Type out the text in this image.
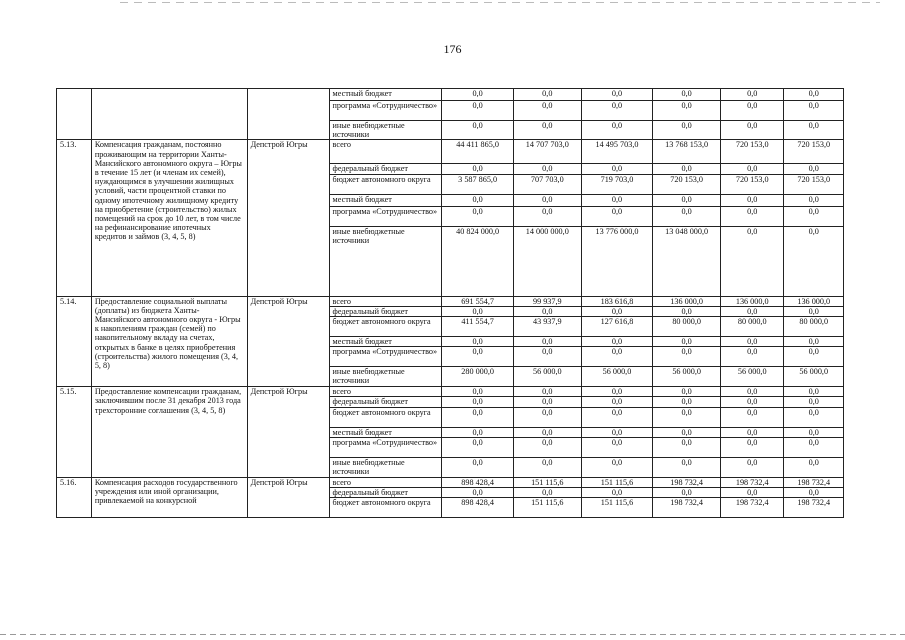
176
			местный бюджет	0,0	0,0	0,0	0,0	0,0	0,0
			программа «Сотрудничество»	0,0	0,0	0,0	0,0	0,0	0,0
			иные внебюджетные источники	0,0	0,0	0,0	0,0	0,0	0,0
5.13.	Компенсация гражданам, постоянно проживающим на территории Ханты-Мансийского автономного округа – Югры в течение 15 лет (и членам их семей), нуждающимся в улучшении жилищных условий, части процентной ставки по одному ипотечному жилищному кредиту на приобретение (строительство) жилых помещений на срок до 10 лет, в том числе на рефинансирование ипотечных кредитов и займов (3, 4, 5, 8)	Депстрой Югры	всего	44 411 865,0	14 707 703,0	14 495 703,0	13 768 153,0	720 153,0	720 153,0
			федеральный бюджет	0,0	0,0	0,0	0,0	0,0	0,0
			бюджет автономного округа	3 587 865,0	707 703,0	719 703,0	720 153,0	720 153,0	720 153,0
			местный бюджет	0,0	0,0	0,0	0,0	0,0	0,0
			программа «Сотрудничество»	0,0	0,0	0,0	0,0	0,0	0,0
			иные внебюджетные источники	40 824 000,0	14 000 000,0	13 776 000,0	13 048 000,0	0,0	0,0
5.14.	Предоставление социальной выплаты (доплаты) из бюджета Ханты-Мансийского автономного округа - Югры к накоплениям граждан (семей) по накопительному вкладу на счетах, открытых в банке в целях приобретения (строительства) жилого помещения (3, 4, 5, 8)	Депстрой Югры	всего	691 554,7	99 937,9	183 616,8	136 000,0	136 000,0	136 000,0
			федеральный бюджет	0,0	0,0	0,0	0,0	0,0	0,0
			бюджет автономного округа	411 554,7	43 937,9	127 616,8	80 000,0	80 000,0	80 000,0
			местный бюджет	0,0	0,0	0,0	0,0	0,0	0,0
			программа «Сотрудничество»	0,0	0,0	0,0	0,0	0,0	0,0
			иные внебюджетные источники	280 000,0	56 000,0	56 000,0	56 000,0	56 000,0	56 000,0
5.15.	Предоставление компенсации гражданам, заключившим после 31 декабря 2013 года трехсторонние соглашения (3, 4, 5, 8)	Депстрой Югры	всего	0,0	0,0	0,0	0,0	0,0	0,0
			федеральный бюджет	0,0	0,0	0,0	0,0	0,0	0,0
			бюджет автономного округа	0,0	0,0	0,0	0,0	0,0	0,0
			местный бюджет	0,0	0,0	0,0	0,0	0,0	0,0
			программа «Сотрудничество»	0,0	0,0	0,0	0,0	0,0	0,0
			иные внебюджетные источники	0,0	0,0	0,0	0,0	0,0	0,0
5.16.	Компенсация расходов государственного учреждения или иной организации, привлекаемой на конкурсной	Депстрой Югры	всего	898 428,4	151 115,6	151 115,6	198 732,4	198 732,4	198 732,4
			федеральный бюджет	0,0	0,0	0,0	0,0	0,0	0,0
			бюджет автономного округа	898 428,4	151 115,6	151 115,6	198 732,4	198 732,4	198 732,4
